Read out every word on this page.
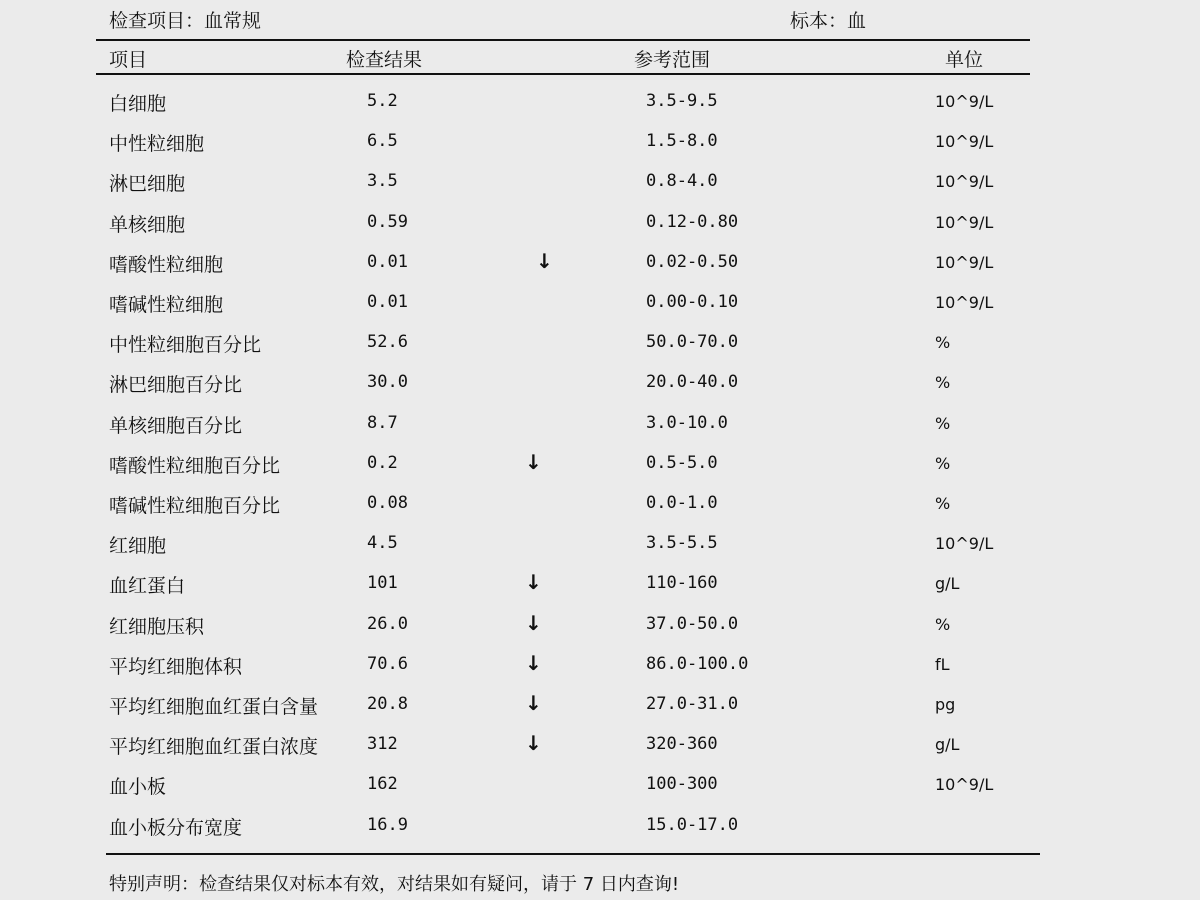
检查项目：血常规	标本：血
项目	检查结果	参考范围	单位
白细胞	5.2	3.5-9.5	10^9/L
中性粒细胞	6.5	1.5-8.0	10^9/L
淋巴细胞	3.5	0.8-4.0	10^9/L
单核细胞	0.59	0.12-0.80	10^9/L
嗜酸性粒细胞	0.01	↓	0.02-0.50	10^9/L
嗜碱性粒细胞	0.01	0.00-0.10	10^9/L
中性粒细胞百分比	52.6	50.0-70.0	%
淋巴细胞百分比	30.0	20.0-40.0	%
单核细胞百分比	8.7	3.0-10.0	%
嗜酸性粒细胞百分比	0.2	↓	0.5-5.0	%
嗜碱性粒细胞百分比	0.08	0.0-1.0	%
红细胞	4.5	3.5-5.5	10^9/L
血红蛋白	101	↓	110-160	g/L
红细胞压积	26.0	↓	37.0-50.0	%
平均红细胞体积	70.6	↓	86.0-100.0	fL
平均红细胞血红蛋白含量	20.8	↓	27.0-31.0	pg
平均红细胞血红蛋白浓度	312	↓	320-360	g/L
血小板	162	100-300	10^9/L
血小板分布宽度	16.9	15.0-17.0
特别声明：检查结果仅对标本有效，对结果如有疑问，请于 7 日内查询!
